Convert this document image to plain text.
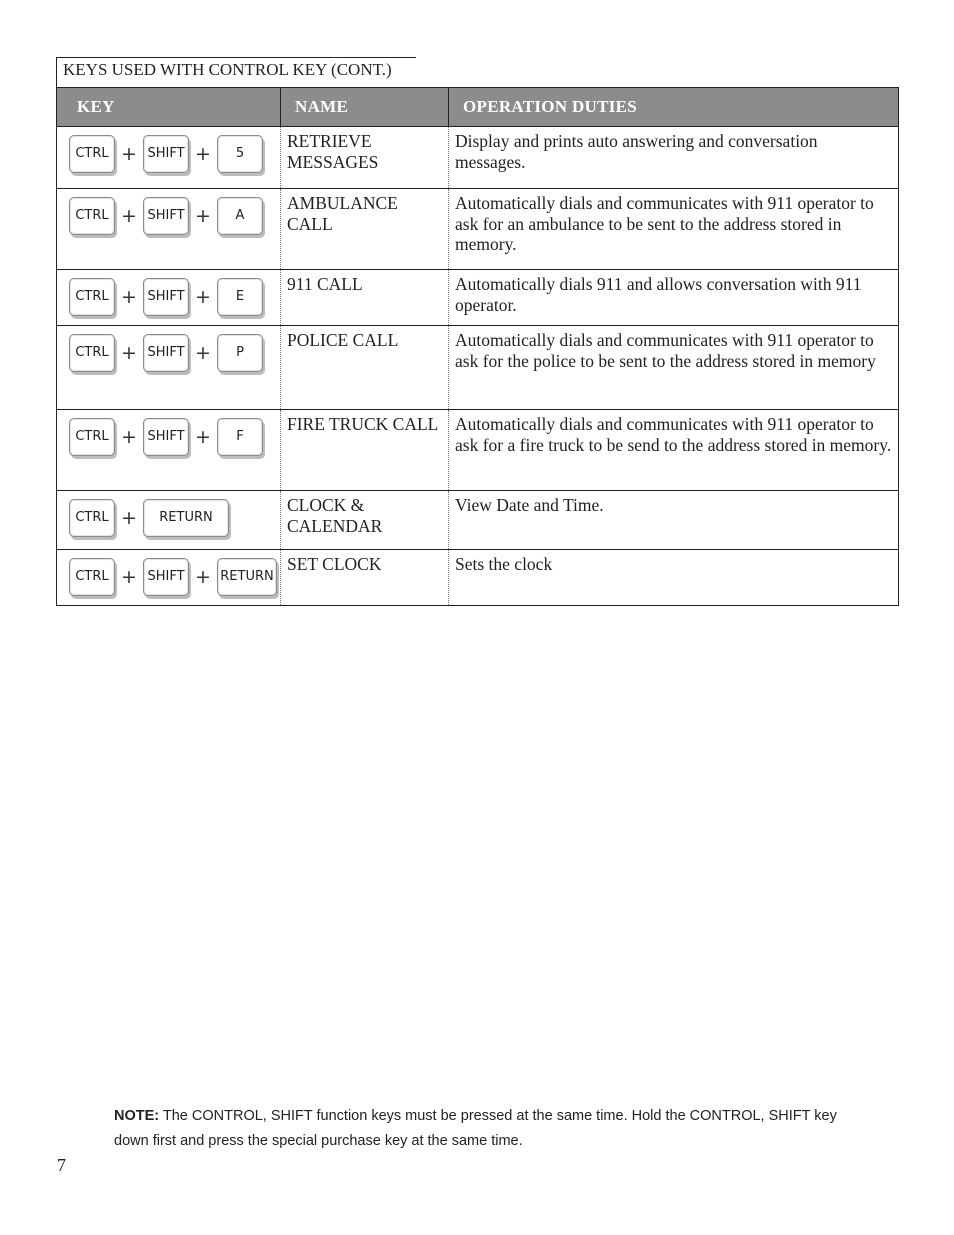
KEYS USED WITH CONTROL KEY (CONT.)
KEY	NAME	OPERATION DUTIES

CTRL + SHIFT + 5	RETRIEVE MESSAGES	Display and prints auto answering and conversation messages.

CTRL + SHIFT + A	AMBULANCE CALL	Automatically dials and communicates with 911 operator to ask for an ambulance to be sent to the address stored in memory.

CTRL + SHIFT + E	911 CALL	Automatically dials 911 and allows conversation with 911 operator.

CTRL + SHIFT + P	POLICE CALL	Automatically dials and communicates with 911 operator to ask for the police to be sent to the address stored in memory

CTRL + SHIFT + F	FIRE TRUCK CALL	Automatically dials and communicates with 911 operator to ask for a fire truck to be send to the address stored in memory.

CTRL + RETURN	CLOCK & CALENDAR	View Date and Time.

CTRL + SHIFT + RETURN	SET CLOCK	Sets the clock
NOTE: The CONTROL, SHIFT function keys must be pressed at the same time. Hold the CONTROL, SHIFT key down first and press the special purchase key at the same time.
7
